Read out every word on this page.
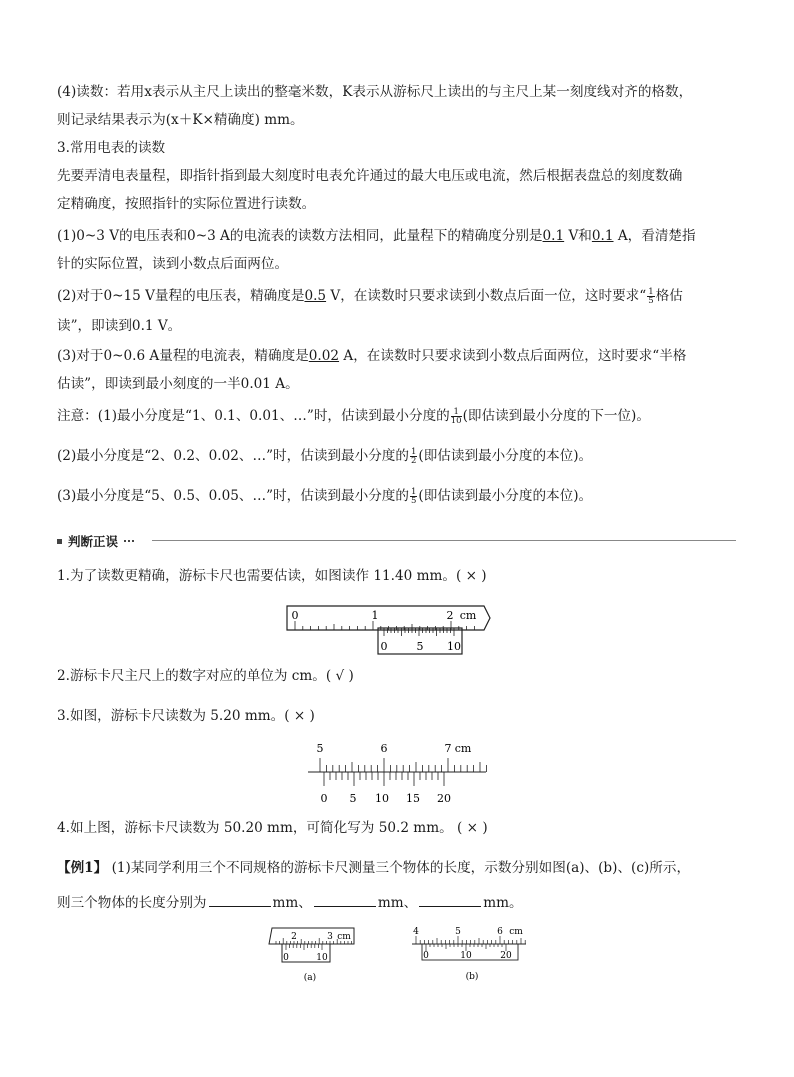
(4)读数：若用x表示从主尺上读出的整毫米数，K表示从游标尺上读出的与主尺上某一刻度线对齐的格数，
则记录结果表示为(x＋K×精确度) mm。
3.常用电表的读数
先要弄清电表量程，即指针指到最大刻度时电表允许通过的最大电压或电流，然后根据表盘总的刻度数确
定精确度，按照指针的实际位置进行读数。
(1)0~3 V的电压表和0~3 A的电流表的读数方法相同，此量程下的精确度分别是0.1 V和0.1 A，看清楚指
针的实际位置，读到小数点后面两位。
(2)对于0~15 V量程的电压表，精确度是0.5 V，在读数时只要求读到小数点后面一位，这时要求“ $\frac{1}{5}$ 格估
读”，即读到0.1 V。
(3)对于0~0.6 A量程的电流表，精确度是0.02 A，在读数时只要求读到小数点后面两位，这时要求“半格
估读”，即读到最小刻度的一半0.01 A。
注意：(1)最小分度是“1、0.1、0.01、…”时，估读到最小分度的 $\frac{1}{10}$ (即估读到最小分度的下一位)。
(2)最小分度是“2、0.2、0.02、…”时，估读到最小分度的 $\frac{1}{2}$ (即估读到最小分度的本位)。
(3)最小分度是“5、0.5、0.05、…”时，估读到最小分度的 $\frac{1}{5}$ (即估读到最小分度的本位)。
判断正误
1.为了读数更精确，游标卡尺也需要估读，如图读作 11.40 mm。( × )
0	1	2 cm
0	5 10
2.游标卡尺主尺上的数字对应的单位为 cm。( √ )
3.如图，游标卡尺读数为 5.20 mm。( × )
5	6	7 cm
0 5 10 15 20
4.如上图，游标卡尺读数为 50.20 mm，可简化写为 50.2 mm。 ( × )
【例1】 (1)某同学利用三个不同规格的游标卡尺测量三个物体的长度，示数分别如图(a)、(b)、(c)所示，
则三个物体的长度分别为	mm、	mm、	mm。
2	3 cm
0	10
(a)
4	5	6 cm
0	10	20
(b)
